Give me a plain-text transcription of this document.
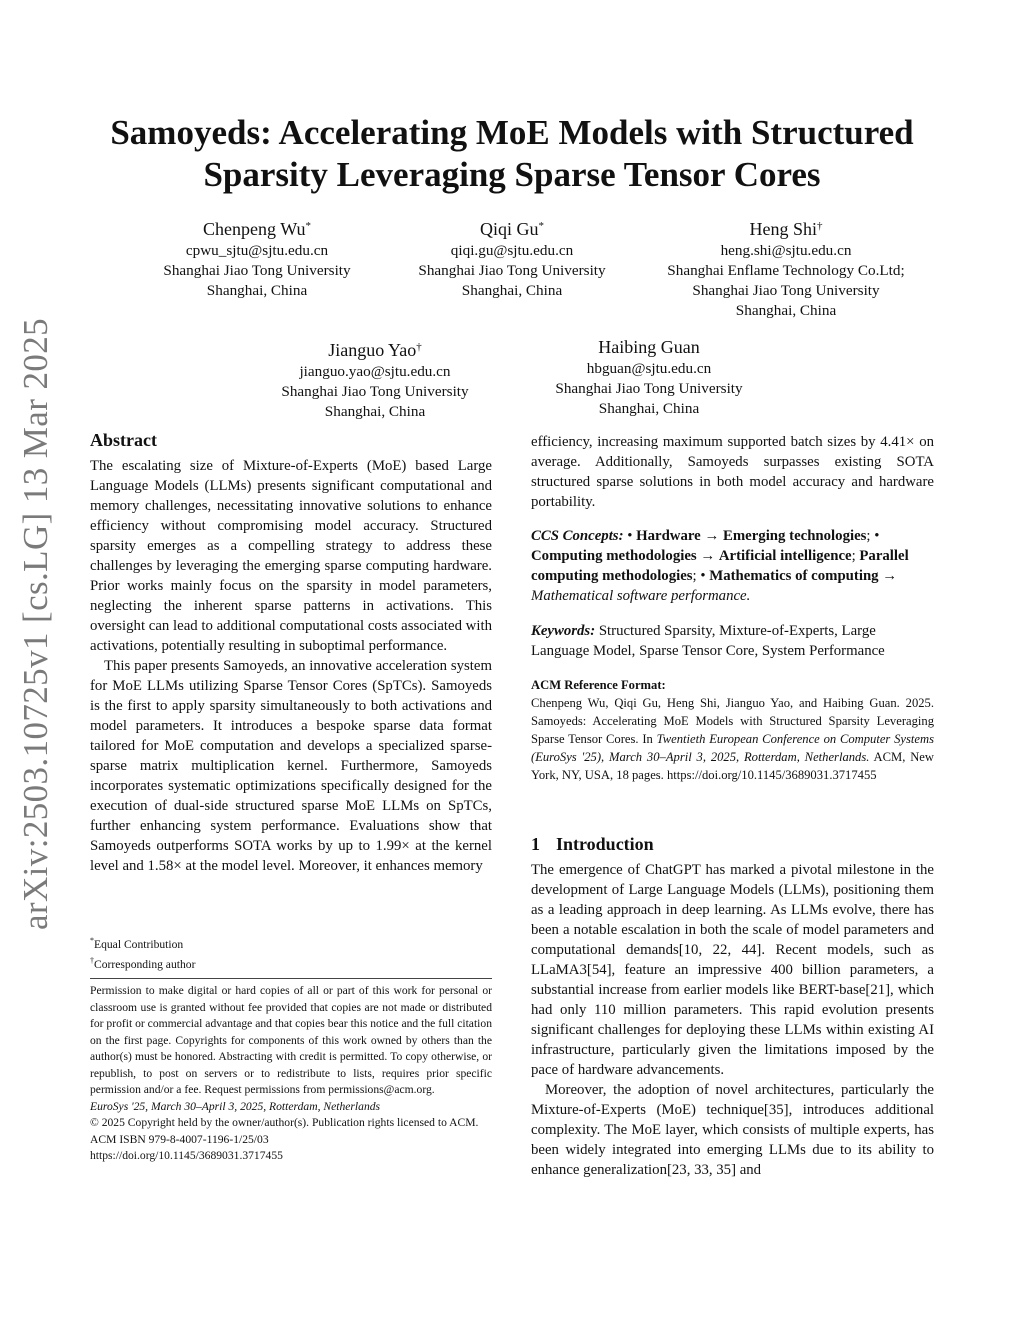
arXiv:2503.10725v1 [cs.LG] 13 Mar 2025
Samoyeds: Accelerating MoE Models with Structured
Sparsity Leveraging Sparse Tensor Cores
Chenpeng Wu*
cpwu_sjtu@sjtu.edu.cn
Shanghai Jiao Tong University
Shanghai, China
Qiqi Gu*
qiqi.gu@sjtu.edu.cn
Shanghai Jiao Tong University
Shanghai, China
Heng Shi†
heng.shi@sjtu.edu.cn
Shanghai Enflame Technology Co.Ltd;
Shanghai Jiao Tong University
Shanghai, China
Jianguo Yao†
jianguo.yao@sjtu.edu.cn
Shanghai Jiao Tong University
Shanghai, China
Haibing Guan
hbguan@sjtu.edu.cn
Shanghai Jiao Tong University
Shanghai, China
Abstract

The escalating size of Mixture-of-Experts (MoE) based Large Language Models (LLMs) presents significant computational and memory challenges, necessitating innovative solutions to enhance efficiency without compromising model accuracy. Structured sparsity emerges as a compelling strategy to address these challenges by leveraging the emerging sparse computing hardware. Prior works mainly focus on the sparsity in model parameters, neglecting the inherent sparse patterns in activations. This oversight can lead to additional computational costs associated with activations, potentially resulting in suboptimal performance.

This paper presents Samoyeds, an innovative acceleration system for MoE LLMs utilizing Sparse Tensor Cores (SpTCs). Samoyeds is the first to apply sparsity simultaneously to both activations and model parameters. It introduces a bespoke sparse data format tailored for MoE computation and develops a specialized sparse-sparse matrix multiplication kernel. Furthermore, Samoyeds incorporates systematic optimizations specifically designed for the execution of dual-side structured sparse MoE LLMs on SpTCs, further enhancing system performance. Evaluations show that Samoyeds outperforms SOTA works by up to 1.99× at the kernel level and 1.58× at the model level. Moreover, it enhances memory

*Equal Contribution
†Corresponding author

Permission to make digital or hard copies of all or part of this work for personal or classroom use is granted without fee provided that copies are not made or distributed for profit or commercial advantage and that copies bear this notice and the full citation on the first page. Copyrights for components of this work owned by others than the author(s) must be honored. Abstracting with credit is permitted. To copy otherwise, or republish, to post on servers or to redistribute to lists, requires prior specific permission and/or a fee. Request permissions from permissions@acm.org.

EuroSys '25, March 30–April 3, 2025, Rotterdam, Netherlands

© 2025 Copyright held by the owner/author(s). Publication rights licensed to ACM.

ACM ISBN 979-8-4007-1196-1/25/03

https://doi.org/10.1145/3689031.3717455

efficiency, increasing maximum supported batch sizes by 4.41× on average. Additionally, Samoyeds surpasses existing SOTA structured sparse solutions in both model accuracy and hardware portability.

CCS Concepts: • Hardware → Emerging technologies; • Computing methodologies → Artificial intelligence; Parallel computing methodologies; • Mathematics of computing → Mathematical software performance.

Keywords: Structured Sparsity, Mixture-of-Experts, Large Language Model, Sparse Tensor Core, System Performance

ACM Reference Format:

Chenpeng Wu, Qiqi Gu, Heng Shi, Jianguo Yao, and Haibing Guan. 2025. Samoyeds: Accelerating MoE Models with Structured Sparsity Leveraging Sparse Tensor Cores. In Twentieth European Conference on Computer Systems (EuroSys '25), March 30–April 3, 2025, Rotterdam, Netherlands. ACM, New York, NY, USA, 18 pages. https://doi.org/10.1145/3689031.3717455

1 Introduction

The emergence of ChatGPT has marked a pivotal milestone in the development of Large Language Models (LLMs), positioning them as a leading approach in deep learning. As LLMs evolve, there has been a notable escalation in both the scale of model parameters and computational demands[10, 22, 44]. Recent models, such as LLaMA3[54], feature an impressive 400 billion parameters, a substantial increase from earlier models like BERT-base[21], which had only 110 million parameters. This rapid evolution presents significant challenges for deploying these LLMs within existing AI infrastructure, particularly given the limitations imposed by the pace of hardware advancements.

Moreover, the adoption of novel architectures, particularly the Mixture-of-Experts (MoE) technique[35], introduces additional complexity. The MoE layer, which consists of multiple experts, has been widely integrated into emerging LLMs due to its ability to enhance generalization[23, 33, 35] and
